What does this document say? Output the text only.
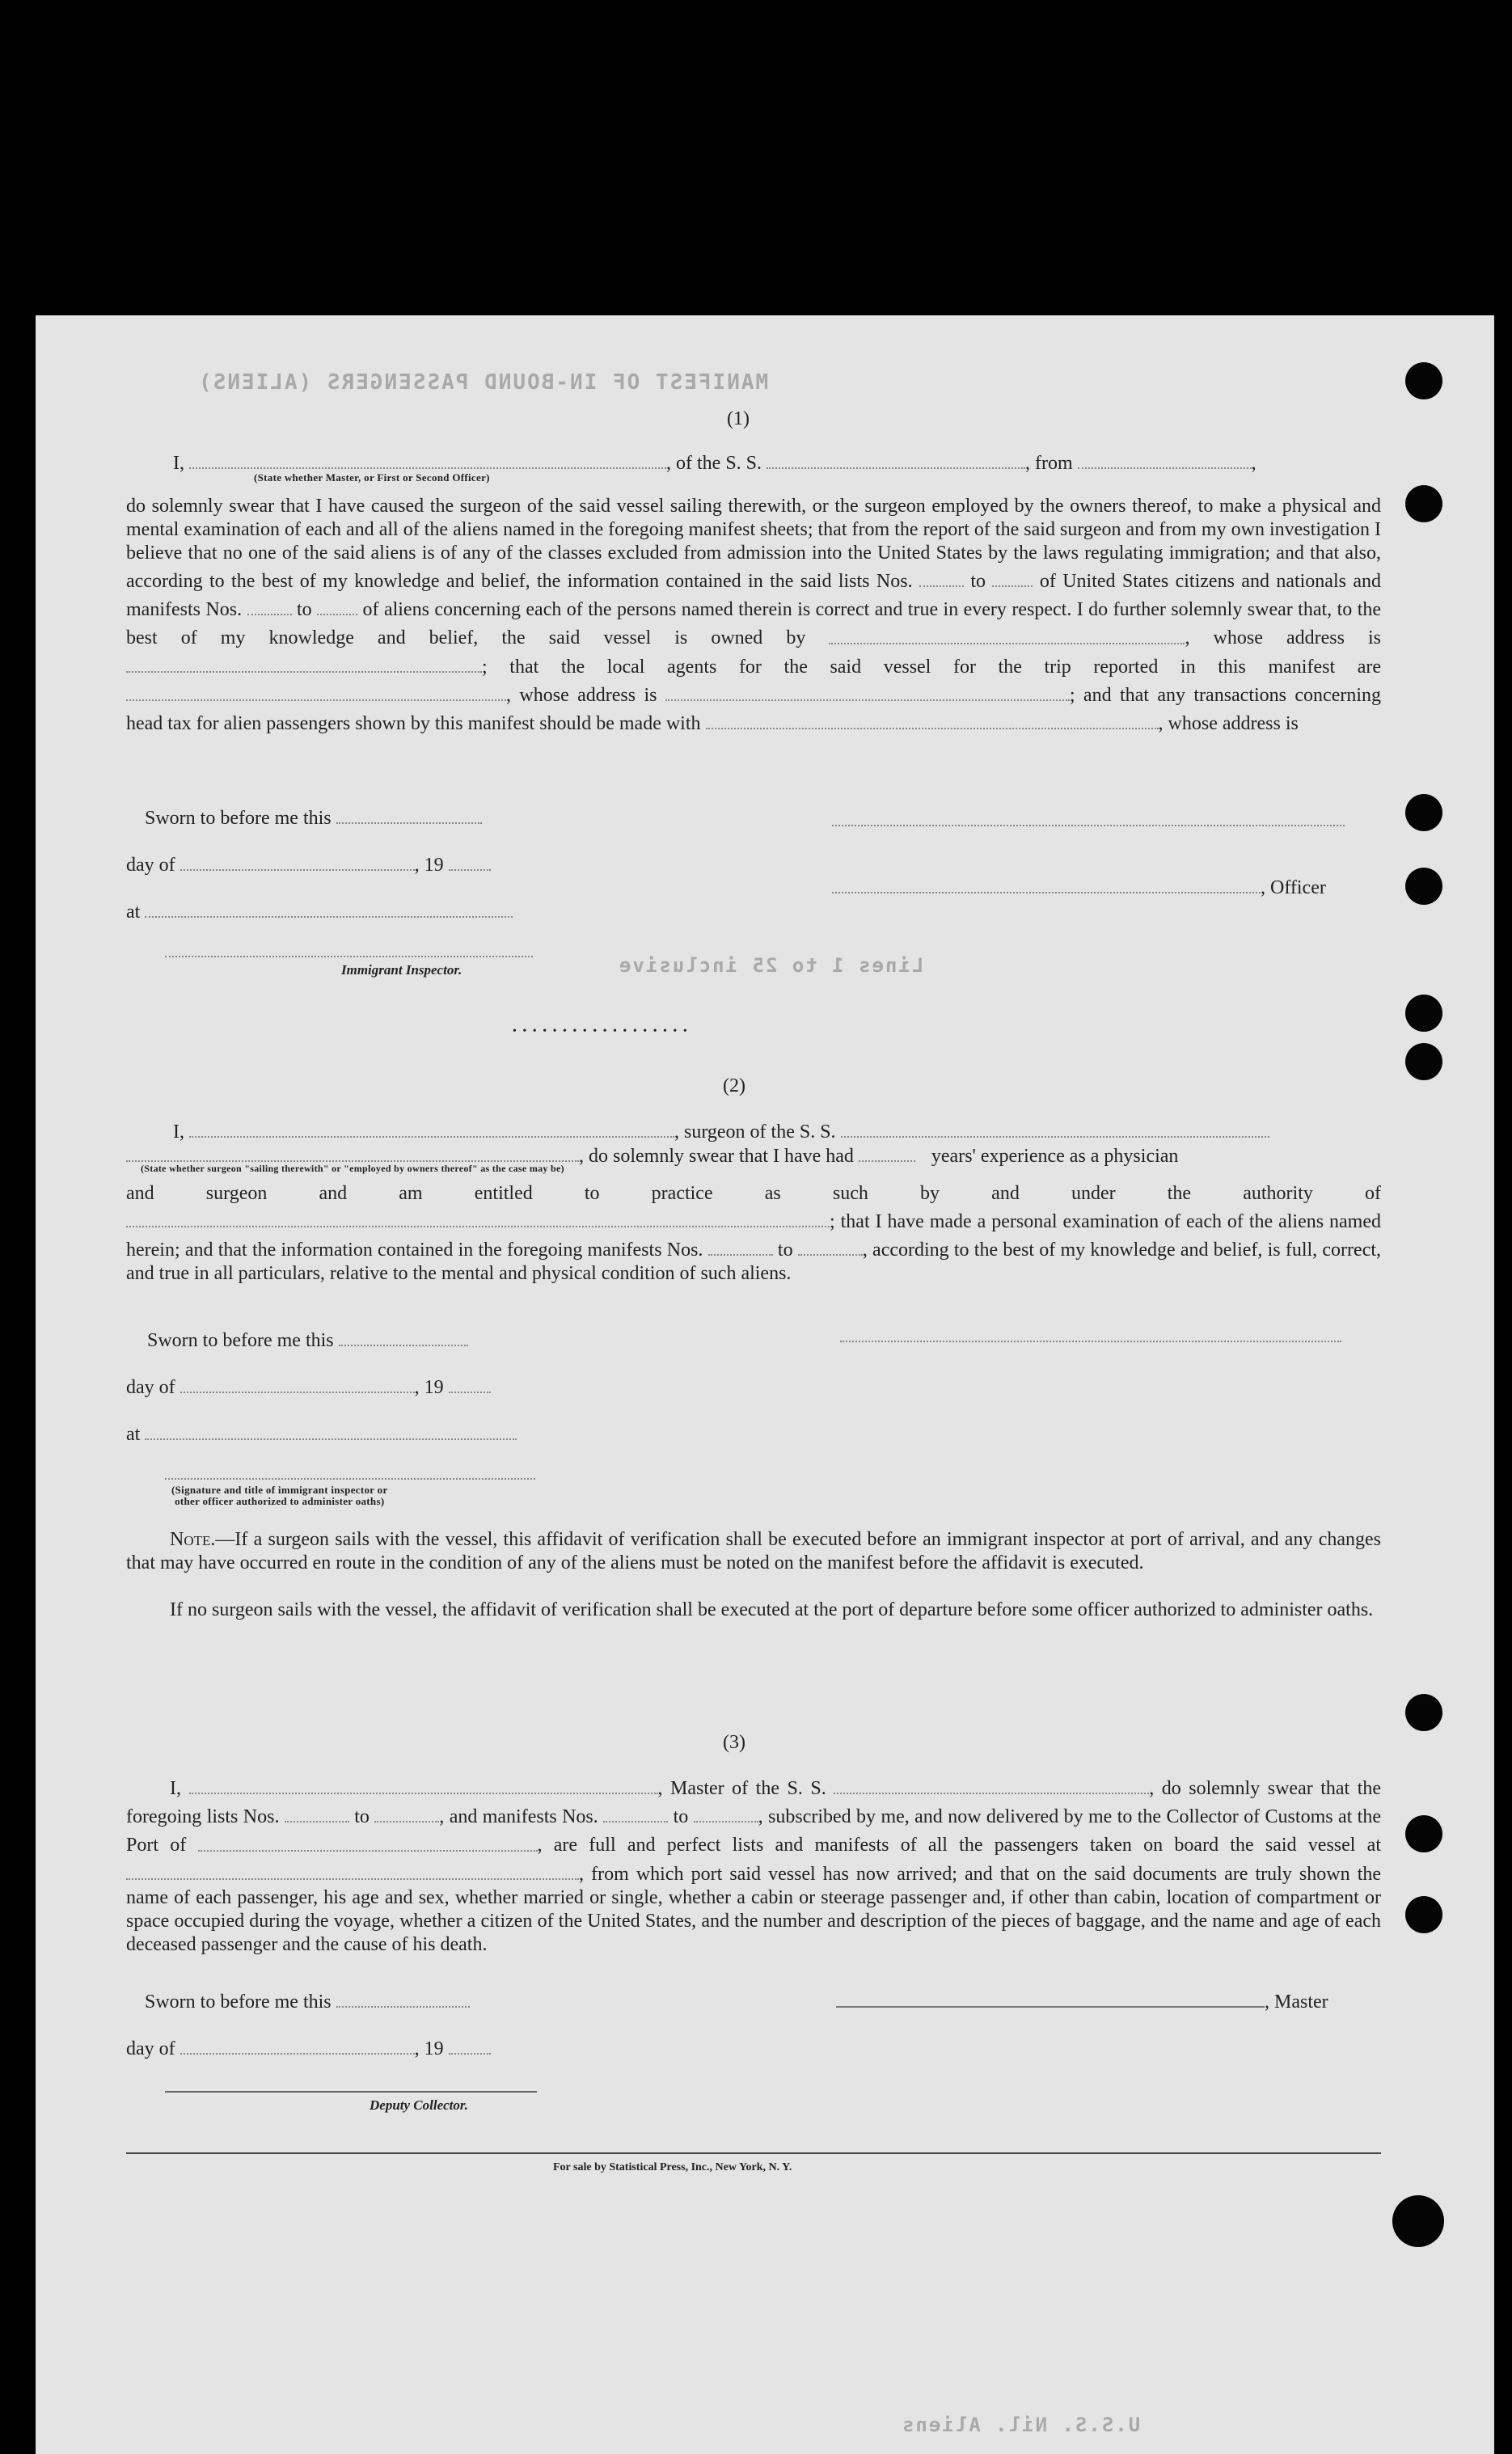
MANIFEST OF IN-BOUND PASSENGERS (ALIENS)
Lines 1 to 25 inclusive
U.S.S. Nil. Aliens
(1)
I,	, of the S. S.	, from	,
(State whether Master, or First or Second Officer)
do solemnly swear that I have caused the surgeon of the said vessel sailing therewith, or the surgeon employed by the owners thereof, to make a physical and mental examination of each and all of the aliens named in the foregoing manifest sheets; that from the report of the said surgeon and from my own investigation I believe that no one of the said aliens is of any of the classes excluded from admission into the United States by the laws regulating immigration; and that also, according to the best of my knowledge and belief, the information contained in the said lists Nos.	to	of United States citizens and nationals and manifests Nos.	to	of aliens concerning each of the persons named therein is correct and true in every respect. I do further solemnly swear that, to the best of my knowledge and belief, the said vessel is owned by	, whose address is ; that the local agents for the said vessel for the trip reported in this manifest are , whose address is	; and that any transactions concerning head tax for alien passengers shown by this manifest should be made with	, whose address is
Sworn to before me this
day of	, 19
at
Immigrant Inspector.
, Officer
• • • • • • • • • • • • • • • • • •
(2)
I,	, surgeon of the S. S.
, do solemnly swear that I have had	years' experience as a physician
(State whether surgeon "sailing therewith" or "employed by owners thereof" as the case may be)
and surgeon and am entitled to practice as such by and under the authority of ; that I have made a personal examination of each of the aliens named herein; and that the information contained in the foregoing manifests Nos.	to	, according to the best of my knowledge and belief, is full, correct, and true in all particulars, relative to the mental and physical condition of such aliens.
Sworn to before me this
day of	, 19
at
(Signature and title of immigrant inspector or
other officer authorized to administer oaths)
Note.—If a surgeon sails with the vessel, this affidavit of verification shall be executed before an immigrant inspector at port of arrival, and any changes that may have occurred en route in the condition of any of the aliens must be noted on the manifest before the affidavit is executed.
If no surgeon sails with the vessel, the affidavit of verification shall be executed at the port of departure before some officer authorized to administer oaths.
(3)
I,	, Master of the S. S.	, do solemnly swear that the foregoing lists Nos.	to	, and manifests Nos.	to	, subscribed by me, and now delivered by me to the Collector of Customs at the Port of	, are full and perfect lists and manifests of all the passengers taken on board the said vessel at , from which port said vessel has now arrived; and that on the said documents are truly shown the name of each passenger, his age and sex, whether married or single, whether a cabin or steerage passenger and, if other than cabin, location of compartment or space occupied during the voyage, whether a citizen of the United States, and the number and description of the pieces of baggage, and the name and age of each deceased passenger and the cause of his death.
Sworn to before me this	, Master
day of	, 19
Deputy Collector.
For sale by Statistical Press, Inc., New York, N. Y.
